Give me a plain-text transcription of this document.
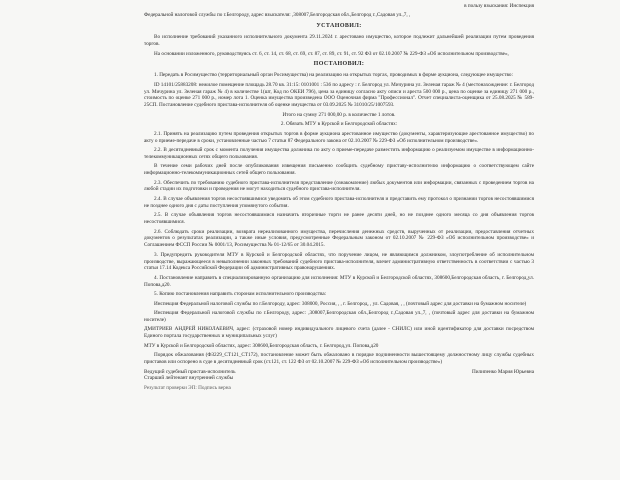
в пользу взыскания: Инспекция
Федеральной налоговой службы по г.Белгороду, адрес взыскателя: ,308007,Белгородская обл.,Белгород г.,Садовая ул.,7, ,
УСТАНОВИЛ:
Во исполнение требований указанного исполнительного документа 29.11.2024 г. арестовано имущество, которое подлежит дальнейшей реализации путем проведения торгов.
На основании изложенного, руководствуясь ст. 6, ст. 14, ст. 68, ст. 69, ст. 87, ст. 89, ст. 91, ст. 92 ФЗ от 02.10.2007 № 229-ФЗ «Об исполнительном производстве»,
ПОСТАНОВИЛ:
1. Передать в Росимущество (территориальный орган Росимущества) на реализацию на открытых торгах, проводимых в форме аукциона, следующее имущество:
ID 14101/25883208: нежилое помещение площадь 28.70 кв. 31:15: 0101001 : 536 по адресу : г. Белгород ул. Мичурина ул. Зеленая гараж № 4 (местонахождение: г. Белгород ул. Мичурина ул. Зеленая гараж № 4) в количестве 1(шт, Код по ОКЕИ 796), цена за единицу согласно акту описи и ареста 500 000 р., цена по оценке за единицу 271 000 р., стоимость по оценке 271 000 р., номер лота 1. Оценка имущества произведена ООО Оценочная фирма "Профессионал". Отчет специалиста-оценщика от 25.08.2025 № 589-25СП. Постановление судебного пристава-исполнителя об оценке имущества от 03.09.2025 № 31010/25/1007593.
Итого на сумму 271 000,00 р. в количестве 1 лотов.
2. Обязать МТУ в Курской и Белгородской областях:
2.1. Принять на реализацию путем проведения открытых торгов в форме аукциона арестованное имущество (документы, характеризующие арестованное имущество) по акту о приеме-передаче в сроки, установленные частью 7 статьи 87 Федерального закона от 02.10.2007 № 229-ФЗ «Об исполнительном производстве».
2.2. В десятидневный срок с момента получения имущества должника по акту о приеме-передаче разместить информацию о реализуемом имуществе в информационно-телекоммуникационных сетях общего пользования.
В течение семи рабочих дней после опубликования извещения письменно сообщить судебному приставу-исполнителю информацию о соответствующем сайте информационно-телекоммуникационных сетей общего пользования.
2.3. Обеспечить по требованию судебного пристава-исполнителя представление (ознакомление) любых документов или информации, связанных с проведением торгов на любой стадии их подготовки и проведения не могут находиться судебного пристава-исполнителя.
2.4. В случае объявления торгов несостоявшимися уведомить об этом судебного пристава-исполнителя и представить ему протокол о признании торгов несостоявшимися не позднее одного дня с даты поступления упомянутого события.
2.5. В случае объявления торгов несостоявшимися назначить вторичные торги не ранее десяти дней, но не позднее одного месяца со дня объявления торгов несостоявшимися.
2.6. Соблюдать сроки реализации, возврата нереализованного имущества, перечисления денежных средств, вырученных от реализации, предоставления отчетных документов о результатах реализации, а также иные условия, предусмотренные Федеральным законом от 02.10.2007 № 229-ФЗ «Об исполнительном производстве» и Соглашением ФССП России № 0001/13, Росимущества № 01-12/65 от 30.04.2015.
3. Предупредить руководителя МТУ в Курской и Белгородской областях, что поручение лицом, не являющимся должником, злоупотребление об исполнительном производстве, выражающееся в невыполнении законных требований судебного пристава-исполнителя, влечет административную ответственность в соответствии с частью 3 статьи 17.14 Кодекса Российской Федерации об административных правонарушениях.
4. Постановление направить в специализированную организацию для исполнения: МТУ в Курской и Белгородской областях, 308600,Белгородская область, г. Белгород,ул. Попова,д20.
5. Копию постановления направить сторонам исполнительного производства:
Инспекция Федеральной налоговой службы по г.Белгороду, адрес: 308000, Россия, , , г. Белгород, , ул. Садовая, , , (почтовый адрес для доставки на бумажном носителе)
Инспекция Федеральной налоговой службы по г.Белгороду, адрес: ,308007,Белгородская обл.,Белгород г.,Садовая ул.,7, , (почтовый адрес для доставки на бумажном носителе)
ДМИТРИЕВ АНДРЕЙ НИКОЛАЕВИЧ, адрес: (страховой номер индивидуального лицевого счета (далее - СНИЛС) или иной идентификатор для доставки посредством Единого портала государственных и муниципальных услуг)
МТУ в Курской и Белгородской областях, адрес: 308600,Белгородская область, г. Белгород,ул. Попова,д20
Порядок обжалования (ФЗ229_СТ121_СТ172), постановление может быть обжаловано в порядке подчиненности вышестоящему должностному лицу службы судебных приставов или оспорено в суде в десятидневный срок (ст.121, ст. 122 ФЗ от 02.10.2007 № 229-ФЗ «Об исполнительном производстве»)
Ведущий судебный пристав-исполнитель	Пилипенко Мария Юрьевна
Старший лейтенант внутренней службы
Результат проверки ЭП: Подпись верна
